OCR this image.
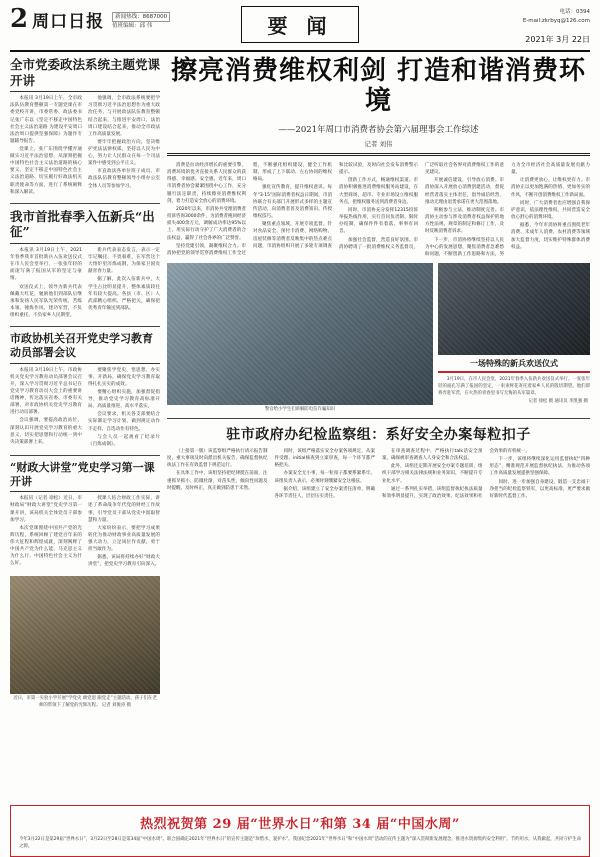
2 周口日报	新闻热线：8687000
值班编辑：邱 伟	要 闻
电话：0394
E-mail:zkrbyq@126.com
2021年 3月 22日
全市党委政法系统主题党课开讲

本报讯 3月19日上午，全市政法队伍教育整顿第一专题党课在市委党校开讲，市委常委、政法委书记张广东以《坚定不移走中国特色社会主义法治道路 为建设平安周口法治周口提供坚强保障》为题作专题辅导报告。

党课上，张广东围绕学懂弄通做实习近平法治思想，从深刻把握中国特色社会主义法治道路的核心要义、坚定不移走中国特色社会主义法治道路、切实履行好政法机关职责使命等方面，进行了系统阐释和深入解读。

他强调，全市政法系统要把学习贯彻习近平法治思想作为重大政治任务，与开展政法队伍教育整顿结合起来，与推进平安周口、法治周口建设结合起来，推动全市政法工作高质量发展。

要牢牢把握政治方向，坚决维护宪法法律权威，坚持以人民为中心，努力让人民群众在每一个司法案件中感受到公平正义。

市直政法各单位班子成员、市政法队伍教育整顿领导小组办公室全体人员等参加学习。

我市首批春季入伍新兵“出征”

本报讯 3月19日上午，2021年春季我市首批新兵入伍欢送仪式在市人民会堂举行，一张张年轻的面庞写满了报国从军的坚定与豪情。

欢送仪式上，领导为新兵代表佩戴大红花，勉励他们到部队后继承和发扬人民军队光荣传统，苦练本领、锤炼作风、建功军营，不负组织重托、不负家乡人民期望。

新兵代表表态发言，表示一定牢记嘱托、不畏艰难，在军营这个大熔炉里淬炼成钢，为保家卫国贡献青春力量。

据了解，此次入伍新兵中，大学生占比明显提升，整体素质较往年有较大提高。各县（市、区）人武部精心组织、严格把关，确保把优秀青年输送到部队。

市政协机关召开党史学习教育动员部署会议

本报讯 3月19日上午，市政协机关党史学习教育动员部署会议召开，深入学习贯彻习近平总书记在党史学习教育动员大会上的重要讲话精神，传达落实省委、市委有关部署，对市政协机关党史学习教育进行动员部署。

会议强调，要提高政治站位，深刻认识开展党史学习教育的重大意义，切实把思想和行动统一到中央决策部署上来。

要聚焦学党史、悟思想、办实事、开新局，确保党史学习教育取得扎扎实实的成效。

要精心组织实施，加强督促指导，推动党史学习教育高标准开局、高质量推进、高水平落实。

会议要求，机关各支部要结合实际制定学习计划，做到规定动作不走样、自选动作有特色。

与会人员一起观看了纪录片《百炼成钢》。

“财政大讲堂”党史学习第一课开讲

本报讯（记者 徐松）近日，市财政局“财政大讲堂”党史学习第一课开讲，该局机关全体党员干部参加学习。

本次党课围绕中国共产党的光辉历程，系统回顾了建党百年来的伟大征程和辉煌成就，深刻阐释了中国共产党为什么能、马克思主义为什么行、中国特色社会主义为什么好。

授课人结合财政工作实际，讲述了革命战争年代党的财经工作故事，引导党员干部从党史中汲取智慧和力量。

大家纷纷表示，要把学习成果转化为推动财政事业高质量发展的强大动力，立足岗位作贡献、勇于担当敢作为。

据悉，该局将持续办好“财政大讲堂”，把党史学习教育引向深入。

近日，市第一实验小学开展“学党史 颂党恩 跟党走”主题活动，孩子们在老师的带领下了解党的光辉历程。 记者 刘俊涛 摄
擦亮消费维权利剑 打造和谐消费环境
——2021年周口市消费者协会第六届理事会工作综述
记者 刘伟

消费是拉动经济增长的重要引擎，消费环境的优劣直接关系人民群众的获得感、幸福感、安全感。近年来，周口市消费者协会紧紧围绕中心工作，充分履行法定职责，持续擦亮消费维权利剑，着力打造安全放心的消费环境。

2020年以来，市消协共受理消费者投诉咨询3000余件，为消费者挽回经济损失400余万元，调解成功率达95%以上，用实际行动守护了广大消费者的合法权益，赢得了社会各界的广泛赞誉。

坚持党建引领，凝聚维权合力。市消协把党的领导贯穿消费维权工作全过程，不断强化组织建设，健全工作机制，形成了上下联动、左右协同的维权格局。

强化宣传教育，提升维权意识。每年“3·15”国际消费者权益日期间，市消协联合有关部门开展形式多样的主题宣传活动，向消费者普及消费知识、传授维权技巧。

聚焦重点领域，开展专项监督。针对食品安全、预付卡消费、网络购物、房屋装修等消费者反映集中的热点难点问题，市消协组织开展了多轮专项调查和比较试验，及时向社会发布消费警示提示。

创新工作方式，畅通维权渠道。市消协积极推进消费维权服务站建设，在大型商场、超市、专业市场设立维权服务点，把维权服务送到消费者身边。

同时，市消协充分发挥12315投诉举报热线作用，实行首问负责制、限时办结制，确保件件有着落、事事有回音。

加强社会监督，营造良好氛围。市消协聘请了一批消费维权义务监督员，广泛听取社会各界对消费维权工作的意见建议。

开展诚信建设，引导放心消费。市消协深入开展放心消费创建活动，督促经营者落实主体责任，倡导诚信经营，推动无理由退货承诺在更大范围落地。

积极参与立法，推动制度完善。市消协主动参与涉及消费者权益保护的地方性法规、规章的制定和修订工作，及时反映消费者诉求。

下一步，市消协将继续坚持以人民为中心的发展思想，聚焦消费者急难愁盼问题，不断创新工作思路和方法，努力为全市经济社会高质量发展贡献力量。

让消费更放心，让维权更有力。市消协正以更加饱满的热情、更加务实的作风，不断开创消费维权工作新局面。

同时，广大消费者也应增强自我保护意识，依法理性维权，共同营造安全放心舒心的消费环境。

据悉，今年市消协将重点围绕老年消费、未成年人消费、农村消费等领域加大监督力度，切实维护特殊群体消费权益。

警官给小学生们讲解防电信诈骗知识
一场特殊的新兵欢送仪式
3月19日，在市人民会堂，2021年春季入伍新兵欢送仪式举行。一张张年轻的面孔写满了报国的坚定，一束束鲜花寄托着家乡人民的殷切期望。他们即将奔赴军营，在火热的青春里书写无悔的从军篇章。
记者 徐松 摄 通讯员 李凯强 摄
驻市政府办纪检监察组：系好安全办案每粒扣子

（上接第一版）该监察组严格执行请示报告制度，重大事项及时向派出机关报告，确保监督执纪执法工作在有效监督下规范运行。

在具体工作中，该组坚持把纪律挺在前面，注重抓早抓小、防微杜渐，对苗头性、倾向性问题及时提醒、及时纠正，真正做到防患于未然。

同时，该组严格落实安全办案各项规定，从案件受理、initial核查到立案审查，每一个环节都严格把关。

办案安全无小事，每一粒扣子都要系紧系牢。该组负责人表示，必须时刻绷紧安全这根弦。

据介绍，该组建立了安全办案责任清单，明确各环节责任人，层层压实责任。

在审查调查过程中，严格执行talk话安全预案，确保被审查调查人人身安全和合法权益。

此外，该组还定期开展安全办案专题培训，组织干部学习相关法律法规和业务知识，不断提升专业化水平。

通过一系列扎实举措，该组监督执纪执法质量和效率明显提升，实现了政治效果、纪法效果和社会效果的有机统一。

下一步，该组将继续深化运用监督执纪“四种形态”，精准规范开展监督执纪执法，为推动各项工作高质量发展提供坚强保障。

同时，进一步加强自身建设，锻造一支忠诚干净担当的纪检监察铁军，以更高标准、更严要求做好新时代监督工作。

热烈祝贺第 29 届“世界水日”和第 34 届“中国水周”
今年3月22日是第29届“世界水日”，3月22日至28日是第34届“中国水周”。联合国确定2021年“世界水日”的宣传主题是“珍惜水，爱护水”。我国纪念2021年“世界水日”和“中国水周”活动的宣传主题为“深入贯彻新发展理念，推进水资源集约安全利用”。节约用水，从我做起，共同守护生命之源。
